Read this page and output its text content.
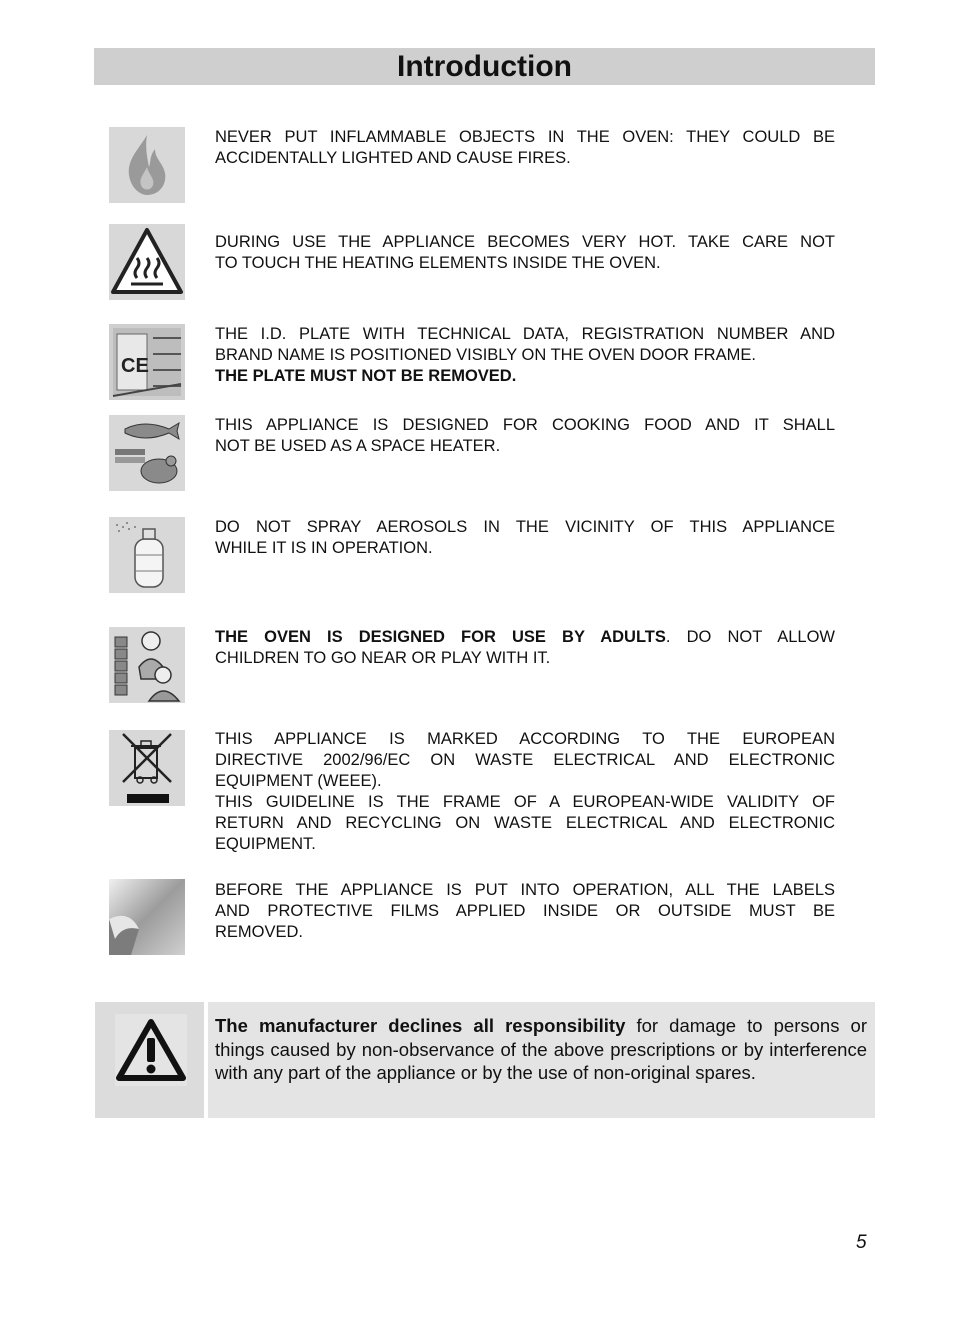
Introduction

NEVER PUT INFLAMMABLE OBJECTS IN THE OVEN: THEY COULD BE

ACCIDENTALLY LIGHTED AND CAUSE FIRES.

DURING USE THE APPLIANCE BECOMES VERY HOT. TAKE CARE NOT

TO TOUCH THE HEATING ELEMENTS INSIDE THE OVEN.

CE

THE I.D. PLATE WITH TECHNICAL DATA, REGISTRATION NUMBER AND

BRAND NAME IS POSITIONED VISIBLY ON THE OVEN DOOR FRAME.

THE PLATE MUST NOT BE REMOVED.

THIS APPLIANCE IS DESIGNED FOR COOKING FOOD AND IT SHALL

NOT BE USED AS A SPACE HEATER.

DO NOT SPRAY AEROSOLS IN THE VICINITY OF THIS APPLIANCE

WHILE IT IS IN OPERATION.

THE OVEN IS DESIGNED FOR USE BY ADULTS. DO NOT ALLOW

CHILDREN TO GO NEAR OR PLAY WITH IT.

THIS APPLIANCE IS MARKED ACCORDING TO THE EUROPEAN

DIRECTIVE 2002/96/EC ON WASTE ELECTRICAL AND ELECTRONIC

EQUIPMENT (WEEE).

THIS GUIDELINE IS THE FRAME OF A EUROPEAN-WIDE VALIDITY OF

RETURN AND RECYCLING ON WASTE ELECTRICAL AND ELECTRONIC

EQUIPMENT.

BEFORE THE APPLIANCE IS PUT INTO OPERATION, ALL THE LABELS

AND PROTECTIVE FILMS APPLIED INSIDE OR OUTSIDE MUST BE

REMOVED.

The manufacturer declines all responsibility for damage to persons or things caused by non-observance of the above prescriptions or by interference with any part of the appliance or by the use of non-original spares.

5
